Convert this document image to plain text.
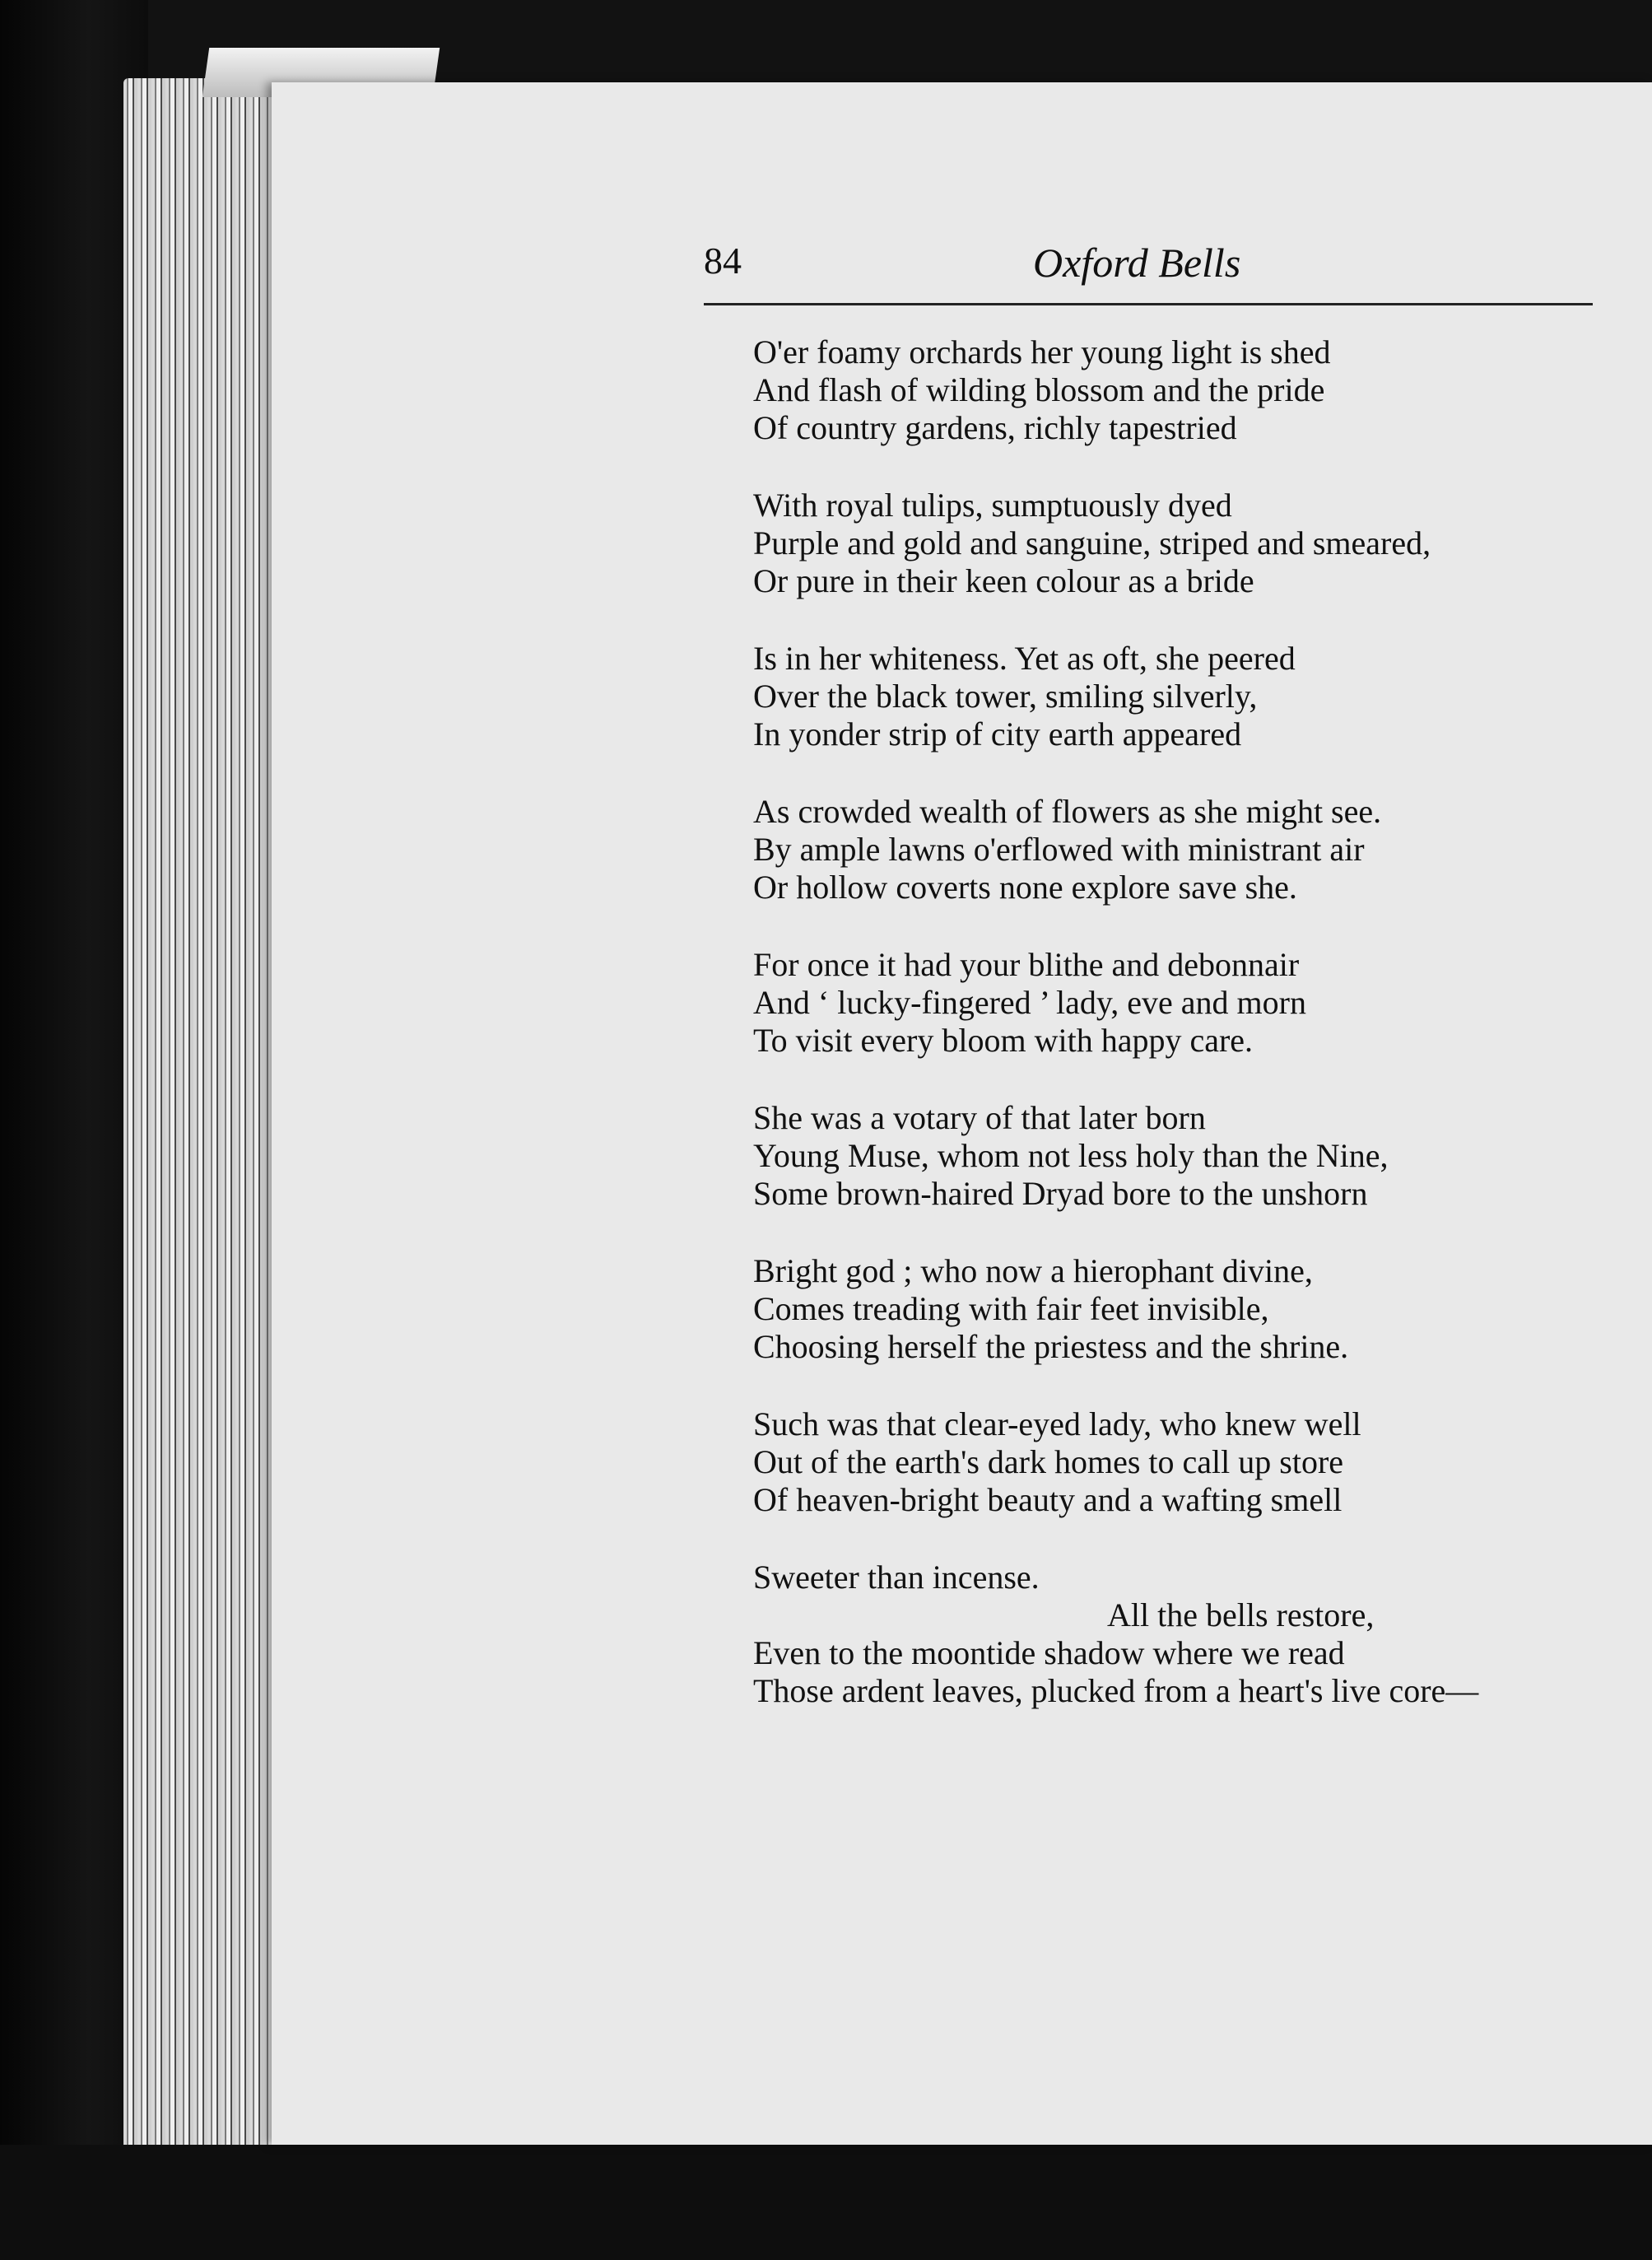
84	Oxford Bells
O'er foamy orchards her young light is shed
And flash of wilding blossom and the pride
Of country gardens, richly tapestried
With royal tulips, sumptuously dyed
Purple and gold and sanguine, striped and smeared,
Or pure in their keen colour as a bride
Is in her whiteness. Yet as oft, she peered
Over the black tower, smiling silverly,
In yonder strip of city earth appeared
As crowded wealth of flowers as she might see.
By ample lawns o'erflowed with ministrant air
Or hollow coverts none explore save she.
For once it had your blithe and debonnair
And ‘ lucky-fingered ’ lady, eve and morn
To visit every bloom with happy care.
She was a votary of that later born
Young Muse, whom not less holy than the Nine,
Some brown-haired Dryad bore to the unshorn
Bright god ; who now a hierophant divine,
Comes treading with fair feet invisible,
Choosing herself the priestess and the shrine.
Such was that clear-eyed lady, who knew well
Out of the earth's dark homes to call up store
Of heaven-bright beauty and a wafting smell
Sweeter than incense.
All the bells restore,
Even to the moontide shadow where we read
Those ardent leaves, plucked from a heart's live core—
